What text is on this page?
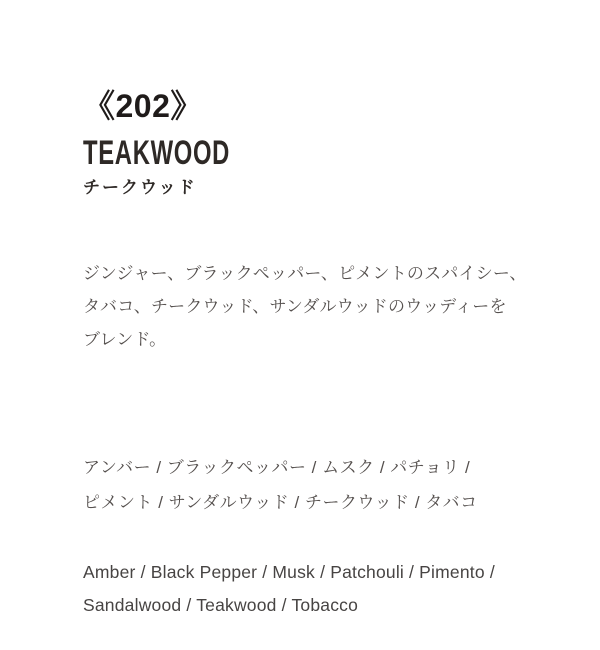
《202》
TEAKWOOD
チークウッド

ジンジャー、ブラックペッパー、ピメントのスパイシー、
タバコ、チークウッド、サンダルウッドのウッディーを
ブレンド。

アンバー / ブラックペッパー / ムスク / パチョリ /
ピメント / サンダルウッド / チークウッド / タバコ

Amber / Black Pepper / Musk / Patchouli / Pimento /
Sandalwood / Teakwood / Tobacco
